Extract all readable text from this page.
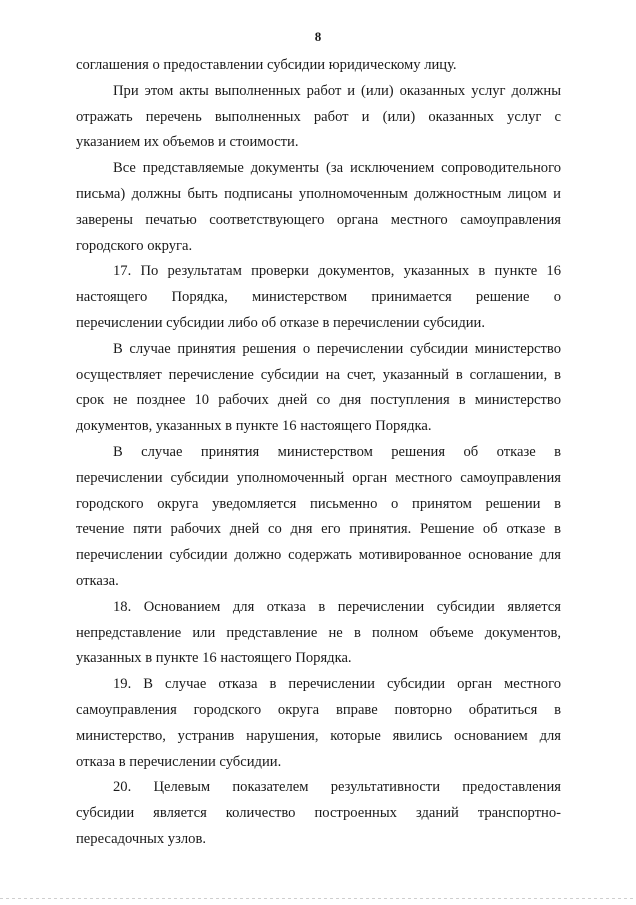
8
соглашения о предоставлении субсидии юридическому лицу.
При этом акты выполненных работ и (или) оказанных услуг должны
отражать перечень выполненных работ и (или) оказанных услуг с
указанием их объемов и стоимости.
Все представляемые документы (за исключением сопроводительного
письма) должны быть подписаны уполномоченным должностным лицом и
заверены печатью соответствующего органа местного самоуправления
городского округа.
17. По результатам проверки документов, указанных в пункте 16
настоящего Порядка, министерством принимается решение о
перечислении субсидии либо об отказе в перечислении субсидии.
В случае принятия решения о перечислении субсидии министерство
осуществляет перечисление субсидии на счет, указанный в соглашении, в
срок не позднее 10 рабочих дней со дня поступления в министерство
документов, указанных в пункте 16 настоящего Порядка.
В случае принятия министерством решения об отказе в
перечислении субсидии уполномоченный орган местного самоуправления
городского округа уведомляется письменно о принятом решении в
течение пяти рабочих дней со дня его принятия. Решение об отказе в
перечислении субсидии должно содержать мотивированное основание для
отказа.
18. Основанием для отказа в перечислении субсидии является
непредставление или представление не в полном объеме документов,
указанных в пункте 16 настоящего Порядка.
19. В случае отказа в перечислении субсидии орган местного
самоуправления городского округа вправе повторно обратиться в
министерство, устранив нарушения, которые явились основанием для
отказа в перечислении субсидии.
20. Целевым показателем результативности предоставления
субсидии является количество построенных зданий транспортно-
пересадочных узлов.
